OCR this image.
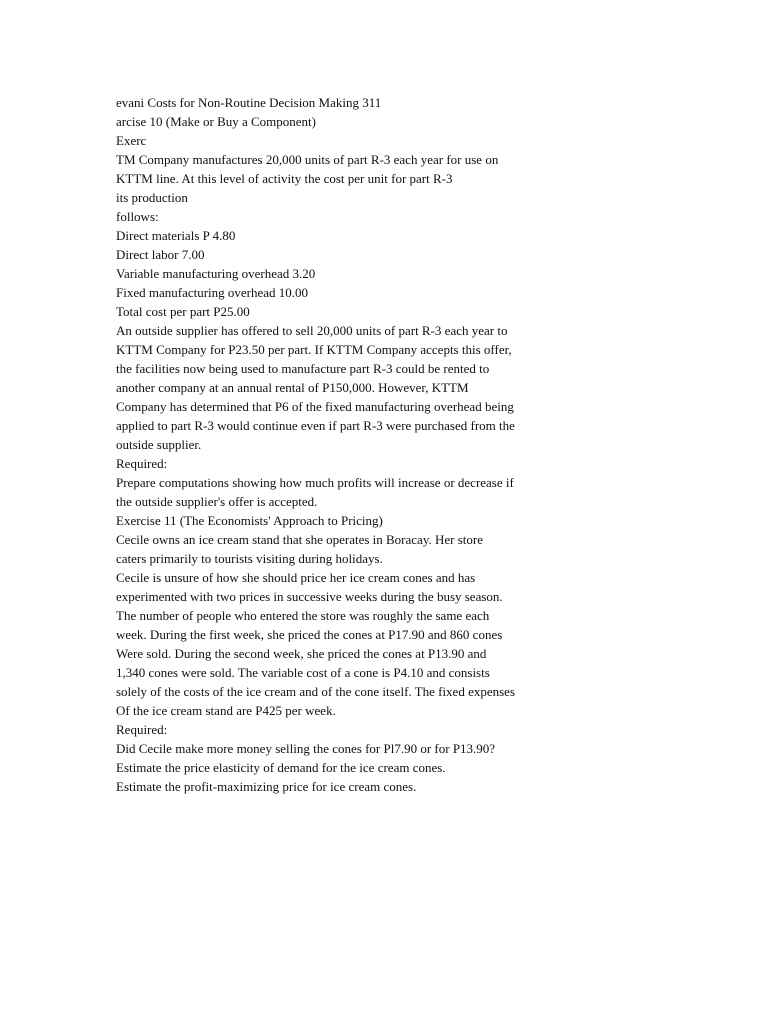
evani Costs for Non-Routine Decision Making 311
arcise 10 (Make or Buy a Component)
Exerc
TM Company manufactures 20,000 units of part R-3 each year for use on
KTTM line. At this level of activity the cost per unit for part R-3
its production
follows:
Direct materials P 4.80
Direct labor 7.00
Variable manufacturing overhead 3.20
Fixed manufacturing overhead 10.00
Total cost per part P25.00
An outside supplier has offered to sell 20,000 units of part R-3 each year to
KTTM Company for P23.50 per part. If KTTM Company accepts this offer,
the facilities now being used to manufacture part R-3 could be rented to
another company at an annual rental of P150,000. However, KTTM
Company has determined that P6 of the fixed manufacturing overhead being
applied to part R-3 would continue even if part R-3 were purchased from the
outside supplier.
Required:
Prepare computations showing how much profits will increase or decrease if
the outside supplier's offer is accepted.
Exercise 11 (The Economists' Approach to Pricing)
Cecile owns an ice cream stand that she operates in Boracay. Her store
caters primarily to tourists visiting during holidays.
Cecile is unsure of how she should price her ice cream cones and has
experimented with two prices in successive weeks during the busy season.
The number of people who entered the store was roughly the same each
week. During the first week, she priced the cones at P17.90 and 860 cones
Were sold. During the second week, she priced the cones at P13.90 and
1,340 cones were sold. The variable cost of a cone is P4.10 and consists
solely of the costs of the ice cream and of the cone itself. The fixed expenses
Of the ice cream stand are P425 per week.
Required:
Did Cecile make more money selling the cones for Pl7.90 or for P13.90?
Estimate the price elasticity of demand for the ice cream cones.
Estimate the profit-maximizing price for ice cream cones.
